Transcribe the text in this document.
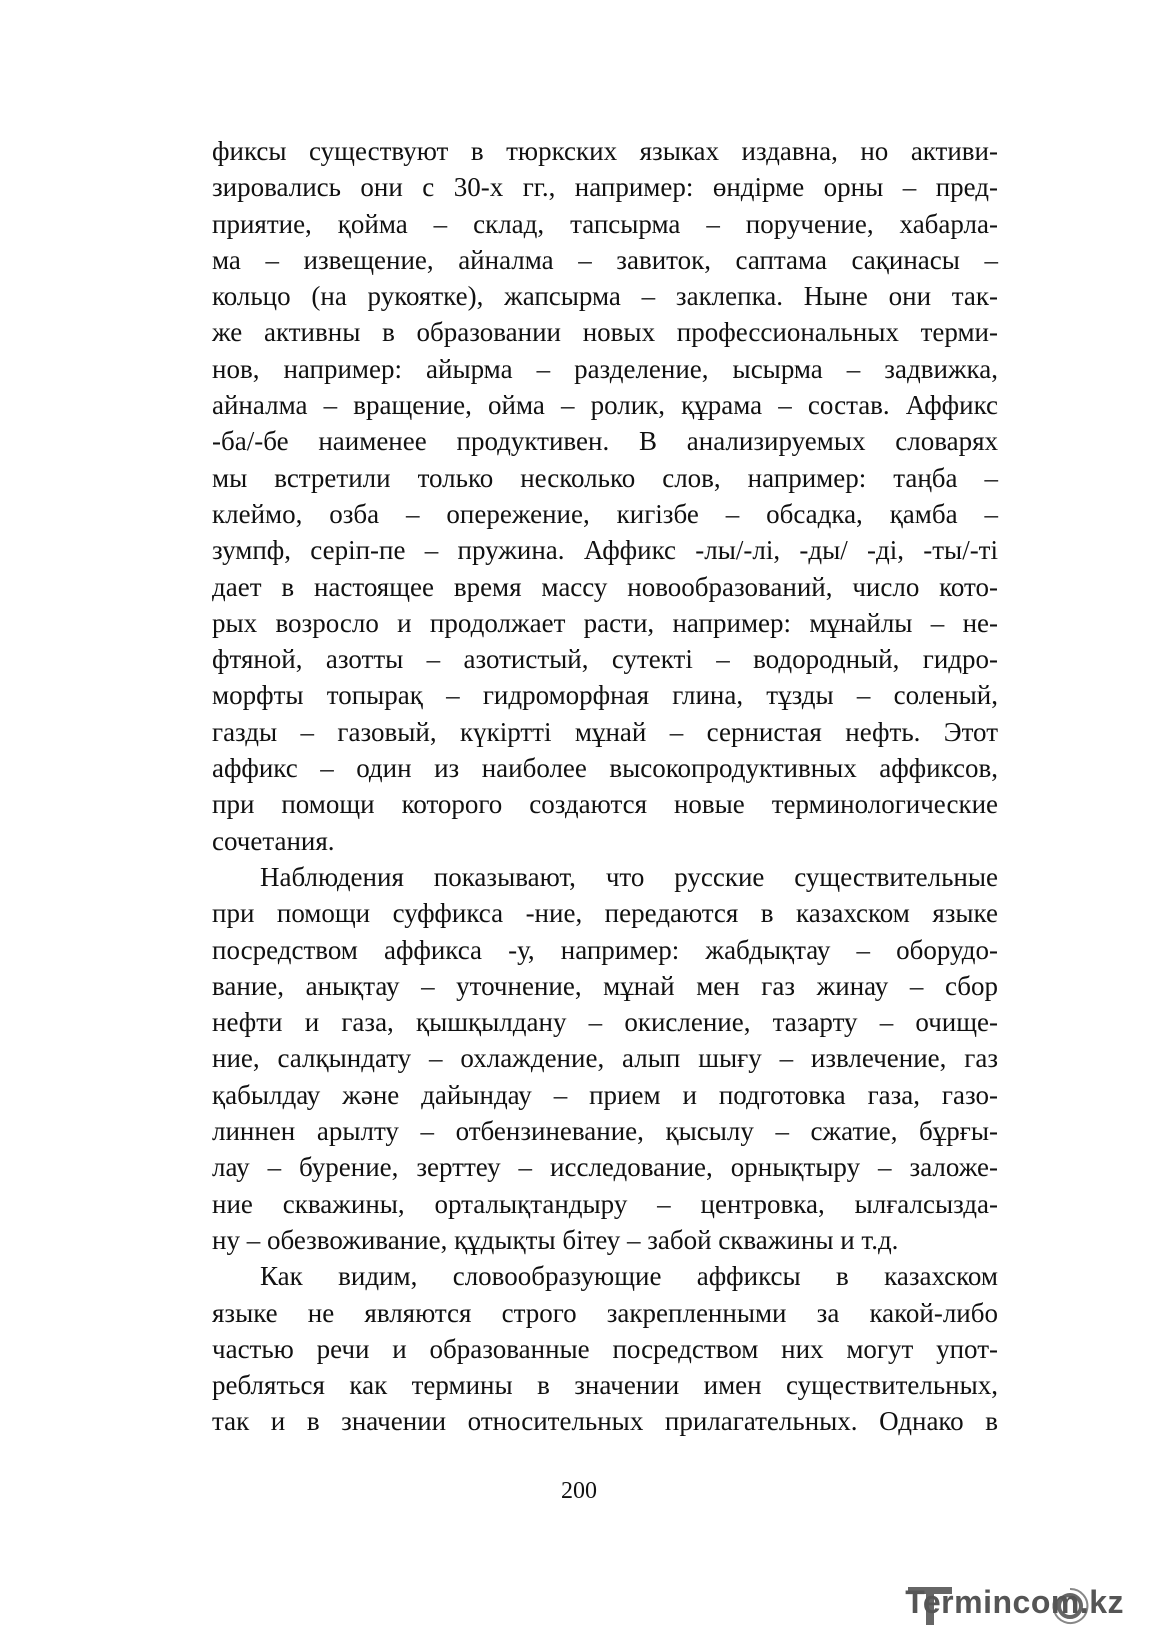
фиксы существуют в тюркских языках издавна, но активи-
зировались они с 30-х гг., например: өндірме орны – пред-
приятие, қойма – склад, тапсырма – поручение, хабарла-
ма – извещение, айналма – завиток, саптама сақинасы –
кольцо (на рукоятке), жапсырма – заклепка. Ныне они так-
же активны в образовании новых профессиональных терми-
нов, например: айырма – разделение, ысырма – задвижка,
айналма – вращение, ойма – ролик, құрама – состав. Аффикс
-ба/-бе наименее продуктивен. В анализируемых словарях
мы встретили только несколько слов, например: таңба –
клеймо, озба – опережение, кигізбе – обсадка, қамба –
зумпф, серіп-пе – пружина. Аффикс -лы/-лі, -ды/ -ді, -ты/-ті
дает в настоящее время массу новообразований, число кото-
рых возросло и продолжает расти, например: мұнайлы – не-
фтяной, азотты – азотистый, сутекті – водородный, гидро-
морфты топырақ – гидроморфная глина, тұзды – соленый,
газды – газовый, күкіртті мұнай – сернистая нефть. Этот
аффикс – один из наиболее высокопродуктивных аффиксов,
при помощи которого создаются новые терминологические
сочетания.
Наблюдения показывают, что русские существительные
при помощи суффикса -ние, передаются в казахском языке
посредством аффикса -у, например: жабдықтау – оборудо-
вание, анықтау – уточнение, мұнай мен газ жинау – сбор
нефти и газа, қышқылдану – окисление, тазарту – очище-
ние, салқындату – охлаждение, алып шығу – извлечение, газ
қабылдау және дайындау – прием и подготовка газа, газо-
линнен арылту – отбензиневание, қысылу – сжатие, бұрғы-
лау – бурение, зерттеу – исследование, орнықтыру – заложе-
ние скважины, орталықтандыру – центровка, ылғалсызда-
ну – обезвоживание, құдықты бітеу – забой скважины и т.д.
Как видим, словообразующие аффиксы в казахском
языке не являются строго закрепленными за какой-либо
частью речи и образованные посредством них могут упот-
ребляться как термины в значении имен существительных,
так и в значении относительных прилагательных. Однако в
200
Termincom.kz
